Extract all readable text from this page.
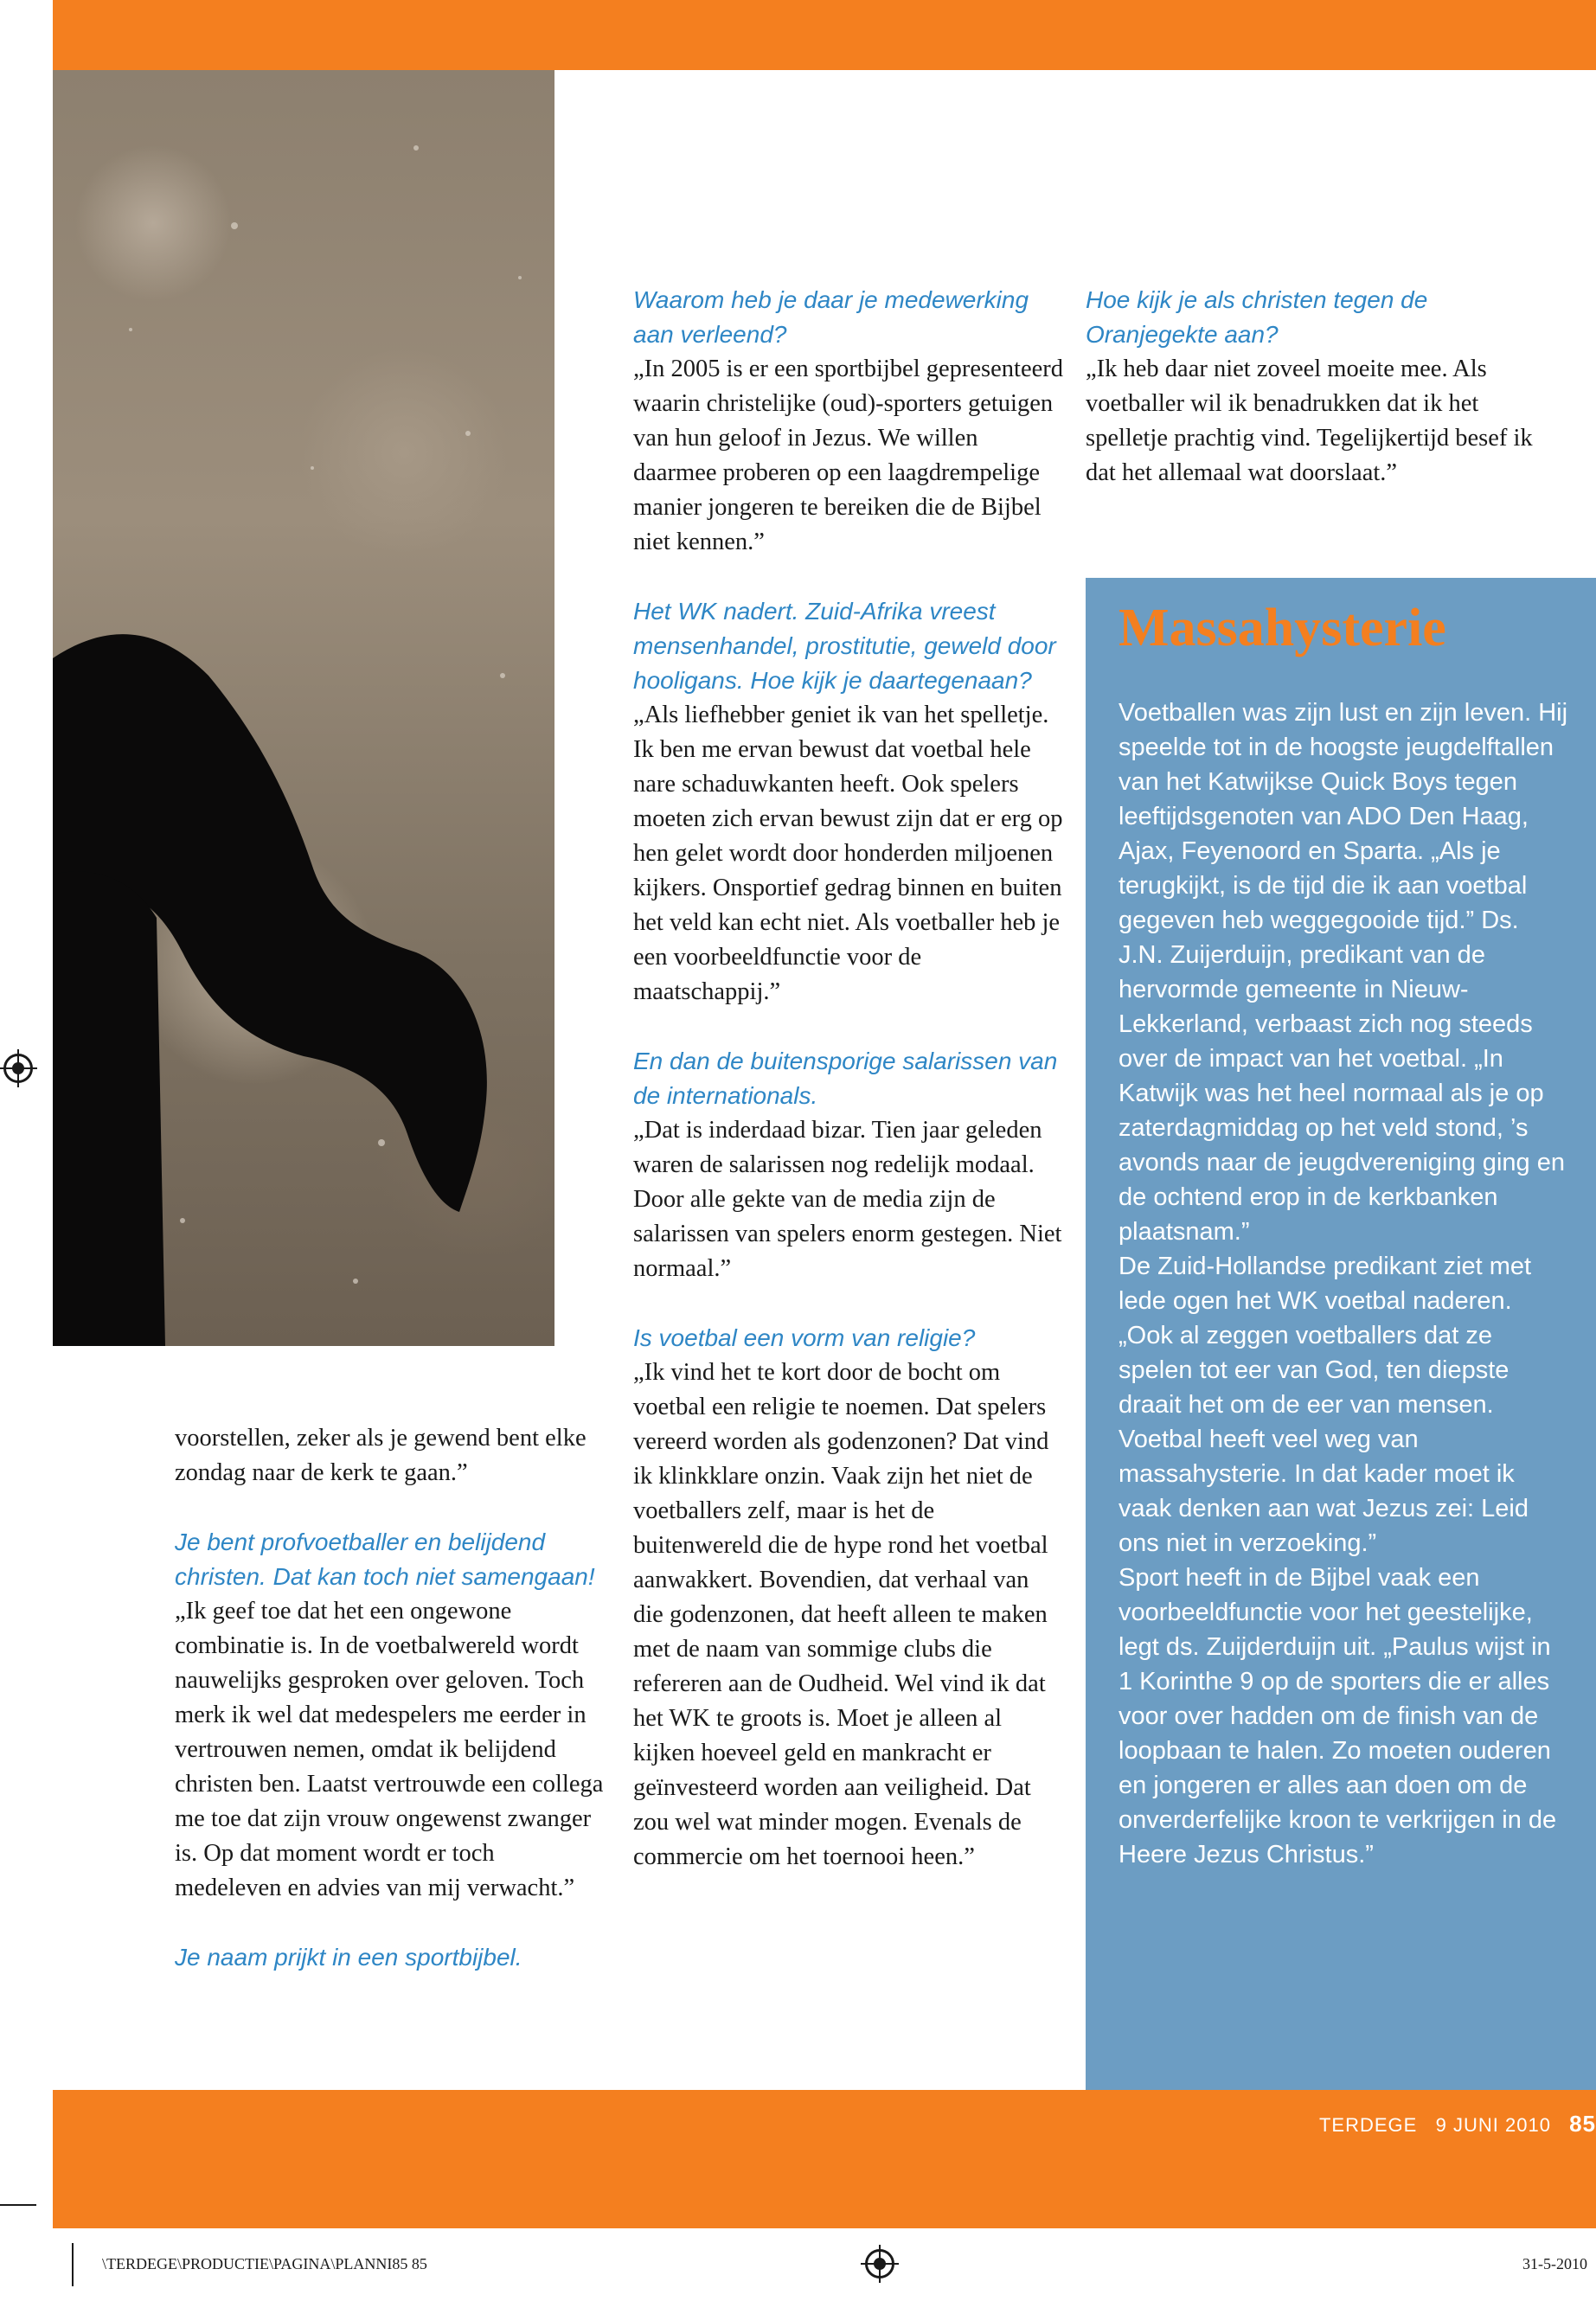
voorstellen, zeker als je gewend bent elke zondag naar de kerk te gaan.”

Je bent profvoetballer en belijdend christen. Dat kan toch niet samengaan!

„Ik geef toe dat het een ongewone combinatie is. In de voetbalwereld wordt nauwelijks gesproken over geloven. Toch merk ik wel dat medespelers me eerder in vertrouwen nemen, omdat ik belijdend christen ben. Laatst vertrouwde een collega me toe dat zijn vrouw ongewenst zwanger is. Op dat moment wordt er toch medeleven en advies van mij verwacht.”

Je naam prijkt in een sportbijbel.

Waarom heb je daar je medewerking aan verleend?

„In 2005 is er een sportbijbel gepresenteerd waarin christelijke (oud)-sporters getuigen van hun geloof in Jezus. We willen daarmee proberen op een laagdrempelige manier jongeren te bereiken die de Bijbel niet kennen.”

Het WK nadert. Zuid-Afrika vreest mensenhandel, prostitutie, geweld door hooligans. Hoe kijk je daartegenaan?

„Als liefhebber geniet ik van het spelletje. Ik ben me ervan bewust dat voetbal hele nare schaduwkanten heeft. Ook spelers moeten zich ervan bewust zijn dat er erg op hen gelet wordt door honderden miljoenen kijkers. Onsportief gedrag binnen en buiten het veld kan echt niet. Als voetballer heb je een voorbeeldfunctie voor de maatschappij.”

En dan de buitensporige salarissen van de internationals.

„Dat is inderdaad bizar. Tien jaar geleden waren de salarissen nog redelijk modaal. Door alle gekte van de media zijn de salarissen van spelers enorm gestegen. Niet normaal.”

Is voetbal een vorm van religie?

„Ik vind het te kort door de bocht om voetbal een religie te noemen. Dat spelers vereerd worden als godenzonen? Dat vind ik klinkklare onzin. Vaak zijn het niet de voetballers zelf, maar is het de buitenwereld die de hype rond het voetbal aanwakkert. Bovendien, dat verhaal van die godenzonen, dat heeft alleen te maken met de naam van sommige clubs die refereren aan de Oudheid. Wel vind ik dat het WK te groots is. Moet je alleen al kijken hoeveel geld en mankracht er geïnvesteerd worden aan veiligheid. Dat zou wel wat minder mogen. Evenals de commercie om het toernooi heen.”

Hoe kijk je als christen tegen de Oranjegekte aan?

„Ik heb daar niet zoveel moeite mee. Als voetballer wil ik benadrukken dat ik het spelletje prachtig vind. Tegelijkertijd besef ik dat het allemaal wat doorslaat.”

Massahysterie

Voetballen was zijn lust en zijn leven. Hij speelde tot in de hoogste jeugdelftallen van het Katwijkse Quick Boys tegen leeftijdsgenoten van ADO Den Haag, Ajax, Feyenoord en Sparta. „Als je terugkijkt, is de tijd die ik aan voetbal gegeven heb weggegooide tijd.” Ds. J.N. Zuijerduijn, predikant van de hervormde gemeente in Nieuw-Lekkerland, verbaast zich nog steeds over de impact van het voetbal. „In Katwijk was het heel normaal als je op zaterdagmiddag op het veld stond, ’s avonds naar de jeugdvereniging ging en de ochtend erop in de kerkbanken plaatsnam.”

De Zuid-Hollandse predikant ziet met lede ogen het WK voetbal naderen. „Ook al zeggen voetballers dat ze spelen tot eer van God, ten diepste draait het om de eer van mensen. Voetbal heeft veel weg van massahysterie. In dat kader moet ik vaak denken aan wat Jezus zei: Leid ons niet in verzoeking.”

Sport heeft in de Bijbel vaak een voorbeeldfunctie voor het geestelijke, legt ds. Zuijderduijn uit. „Paulus wijst in 1 Korinthe 9 op de sporters die er alles voor over hadden om de finish van de loopbaan te halen. Zo moeten ouderen en jongeren er alles aan doen om de onverderfelijke kroon te verkrijgen in de Heere Jezus Christus.”

TERDEGE 9 JUNI 2010 85
\TERDEGE\PRODUCTIE\PAGINA\PLANNI85 85	31-5-2010
